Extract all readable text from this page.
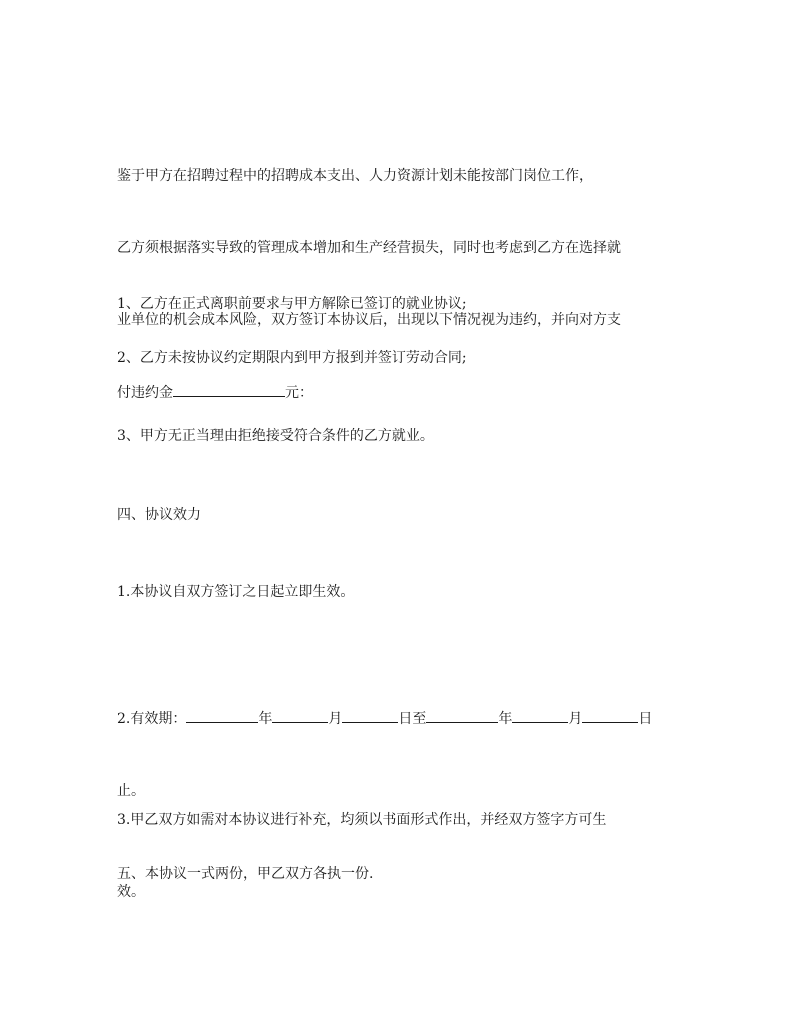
鉴于甲方在招聘过程中的招聘成本支出、人力资源计划未能按部门岗位工作，

乙方须根据落实导致的管理成本增加和生产经营损失，同时也考虑到乙方在选择就

业单位的机会成本风险，双方签订本协议后，出现以下情况视为违约，并向对方支

付违约金	元：

1、乙方在正式离职前要求与甲方解除已签订的就业协议;
2、乙方未按协议约定期限内到甲方报到并签订劳动合同;
3、甲方无正当理由拒绝接受符合条件的乙方就业。
四、协议效力
1.本协议自双方签订之日起立即生效。

2.有效期：	年	月	日至	年	月	日

止。

3.甲乙双方如需对本协议进行补充，均须以书面形式作出，并经双方签字方可生

效。

五、本协议一式两份，甲乙双方各执一份.
